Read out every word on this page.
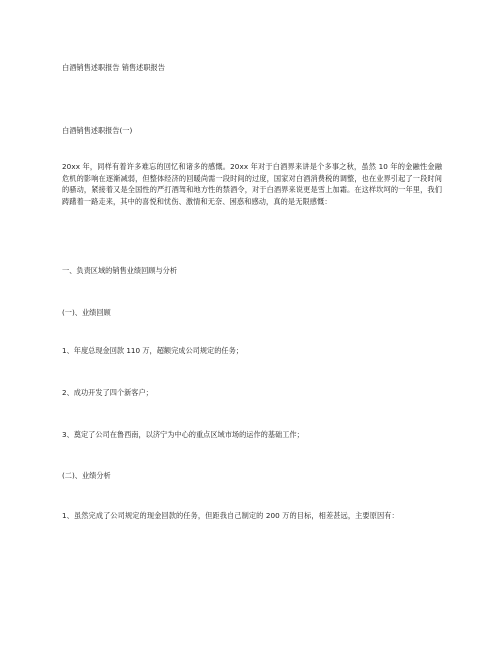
白酒销售述职报告 销售述职报告
白酒销售述职报告(一)
20xx 年，同样有着许多难忘的回忆和诸多的感慨。20xx 年对于白酒界来讲是个多事之秋，虽然 10 年的金融性金融危机的影响在逐渐减弱，但整体经济的回暖尚需一段时间的过度，国家对白酒消费税的调整，也在业界引起了一段时间的骚动，紧接着又是全国性的严打酒驾和地方性的禁酒令，对于白酒界来说更是雪上加霜。在这样坎坷的一年里，我们踌躇着一路走来，其中的喜悦和忧伤、激情和无奈、困惑和感动，真的是无限感慨：
一、负责区域的销售业绩回顾与分析
(一)、业绩回顾
1、年度总现金回款 110 万，超额完成公司规定的任务；
2、成功开发了四个新客户；
3、奠定了公司在鲁西南，以济宁为中心的重点区域市场的运作的基础工作；
(二)、业绩分析
1、虽然完成了公司规定的现金回款的任务，但距我自己制定的 200 万的目标，相差甚远，主要原因有：
